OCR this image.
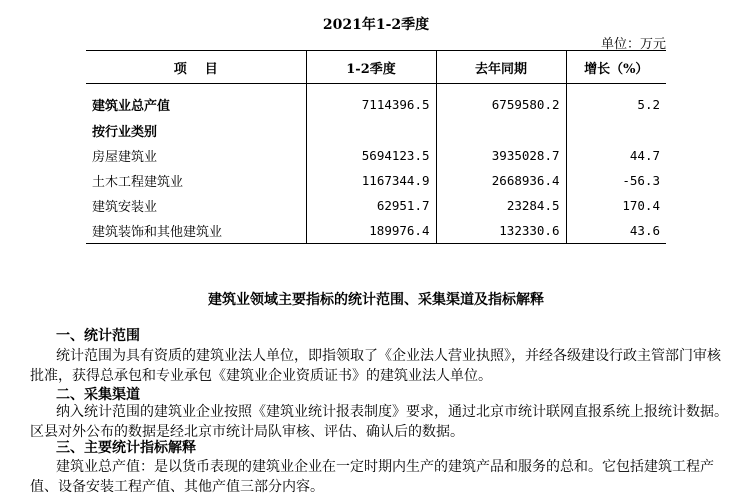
2021年1-2季度
单位：万元
项    目	1-2季度	去年同期	增长（%）
建筑业总产值	7114396.5	6759580.2	5.2
按行业类别			
房屋建筑业	5694123.5	3935028.7	44.7
土木工程建筑业	1167344.9	2668936.4	-56.3
建筑安装业	62951.7	23284.5	170.4
建筑装饰和其他建筑业	189976.4	132330.6	43.6
建筑业领域主要指标的统计范围、采集渠道及指标解释
一、统计范围
统计范围为具有资质的建筑业法人单位，即指领取了《企业法人营业执照》，并经各级建设行政主管部门审核批准，获得总承包和专业承包《建筑业企业资质证书》的建筑业法人单位。
二、采集渠道
纳入统计范围的建筑业企业按照《建筑业统计报表制度》要求，通过北京市统计联网直报系统上报统计数据。区县对外公布的数据是经北京市统计局队审核、评估、确认后的数据。
三、主要统计指标解释
建筑业总产值：是以货币表现的建筑业企业在一定时期内生产的建筑产品和服务的总和。它包括建筑工程产值、设备安装工程产值、其他产值三部分内容。
